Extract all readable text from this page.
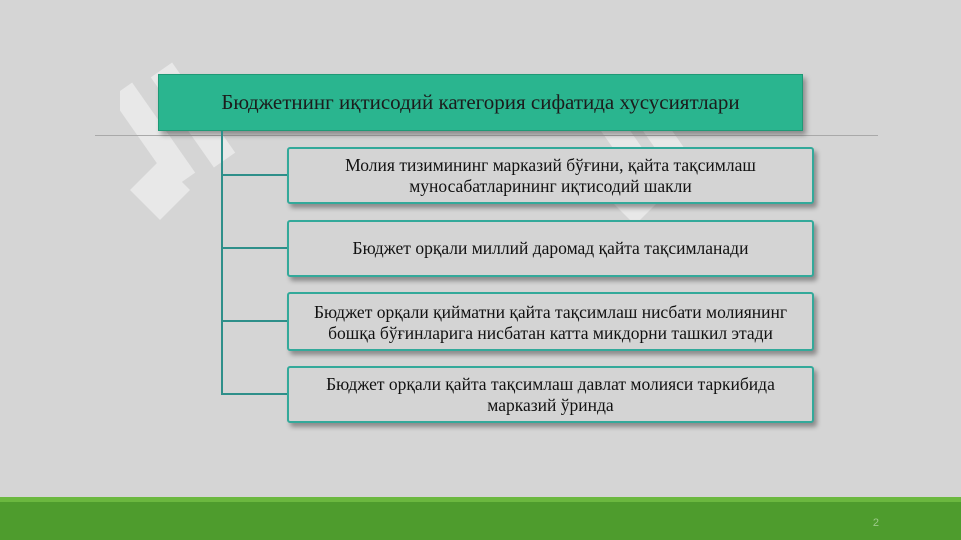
Бюджетнинг иқтисодий категория сифатида хусусиятлари
Молия тизимининг марказий бўғини, қайта тақсимлаш муносабатларининг иқтисодий шакли
Бюджет орқали миллий даромад қайта тақсимланади
Бюджет орқали қийматни қайта тақсимлаш нисбати молиянинг бошқа бўғинларига нисбатан катта микдорни ташкил этади
Бюджет орқали қайта тақсимлаш давлат молияси таркибида марказий ўринда
2
